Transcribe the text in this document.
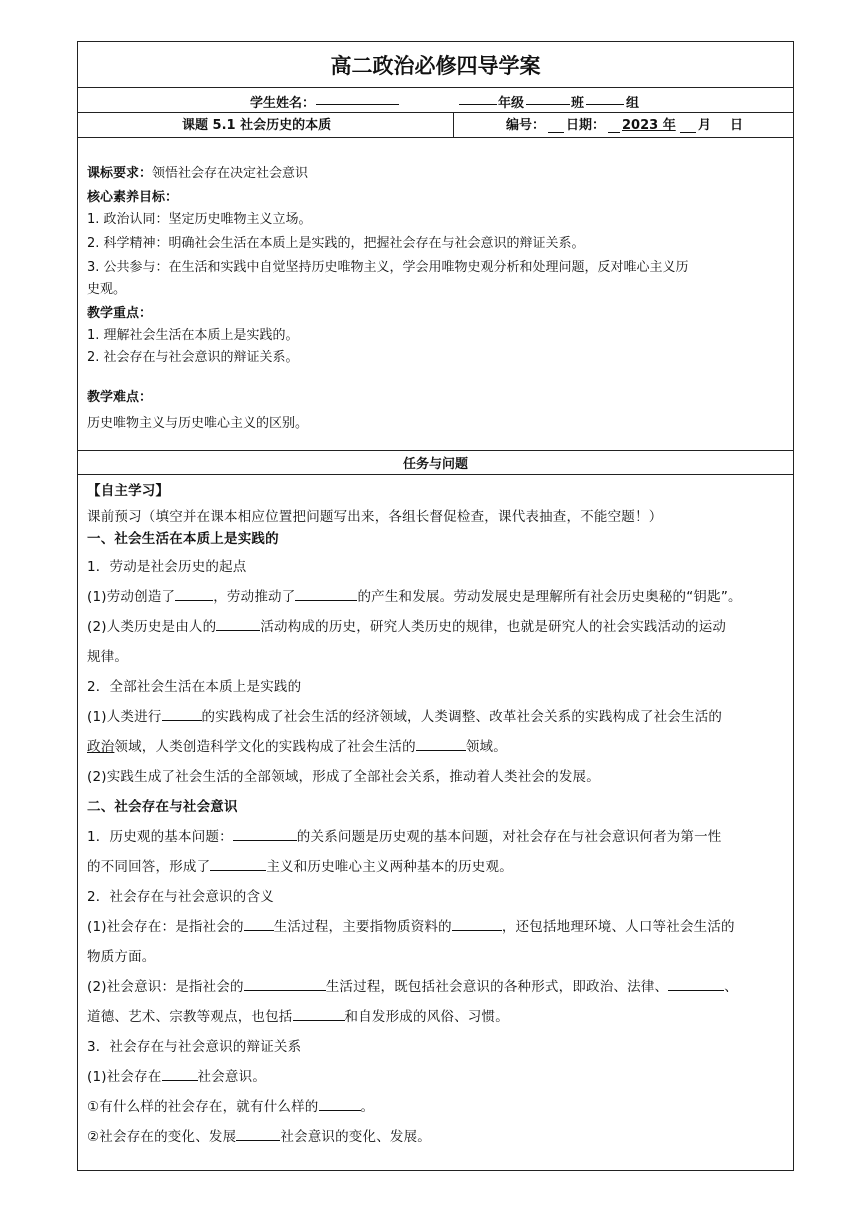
高二政治必修四导学案
学生姓名：	年级	班	组
课题 5.1 社会历史的本质	编号： 日期： 2023 年 月 日
课标要求：领悟社会存在决定社会意识
核心素养目标：
1. 政治认同：坚定历史唯物主义立场。
2. 科学精神：明确社会生活在本质上是实践的，把握社会存在与社会意识的辩证关系。
3. 公共参与：在生活和实践中自觉坚持历史唯物主义，学会用唯物史观分析和处理问题，反对唯心主义历
史观。
教学重点：
1. 理解社会生活在本质上是实践的。
2. 社会存在与社会意识的辩证关系。
教学难点：
历史唯物主义与历史唯心主义的区别。
任务与问题
【自主学习】
课前预习（填空并在课本相应位置把问题写出来，各组长督促检查，课代表抽查，不能空题！）
一、社会生活在本质上是实践的
1．劳动是社会历史的起点
(1)劳动创造了	，劳动推动了	的产生和发展。劳动发展史是理解所有社会历史奥秘的“钥匙”。
(2)人类历史是由人的	活动构成的历史，研究人类历史的规律，也就是研究人的社会实践活动的运动
规律。
2．全部社会生活在本质上是实践的
(1)人类进行	的实践构成了社会生活的经济领域，人类调整、改革社会关系的实践构成了社会生活的
政治领域，人类创造科学文化的实践构成了社会生活的	领域。
(2)实践生成了社会生活的全部领域，形成了全部社会关系，推动着人类社会的发展。
二、社会存在与社会意识
1．历史观的基本问题：	的关系问题是历史观的基本问题，对社会存在与社会意识何者为第一性
的不同回答，形成了	主义和历史唯心主义两种基本的历史观。
2．社会存在与社会意识的含义
(1)社会存在：是指社会的 生活过程，主要指物质资料的	，还包括地理环境、人口等社会生活的
物质方面。
(2)社会意识：是指社会的	生活过程，既包括社会意识的各种形式，即政治、法律、	、
道德、艺术、宗教等观点，也包括	和自发形成的风俗、习惯。
3．社会存在与社会意识的辩证关系
(1)社会存在	社会意识。
①有什么样的社会存在，就有什么样的	。
②社会存在的变化、发展	社会意识的变化、发展。
